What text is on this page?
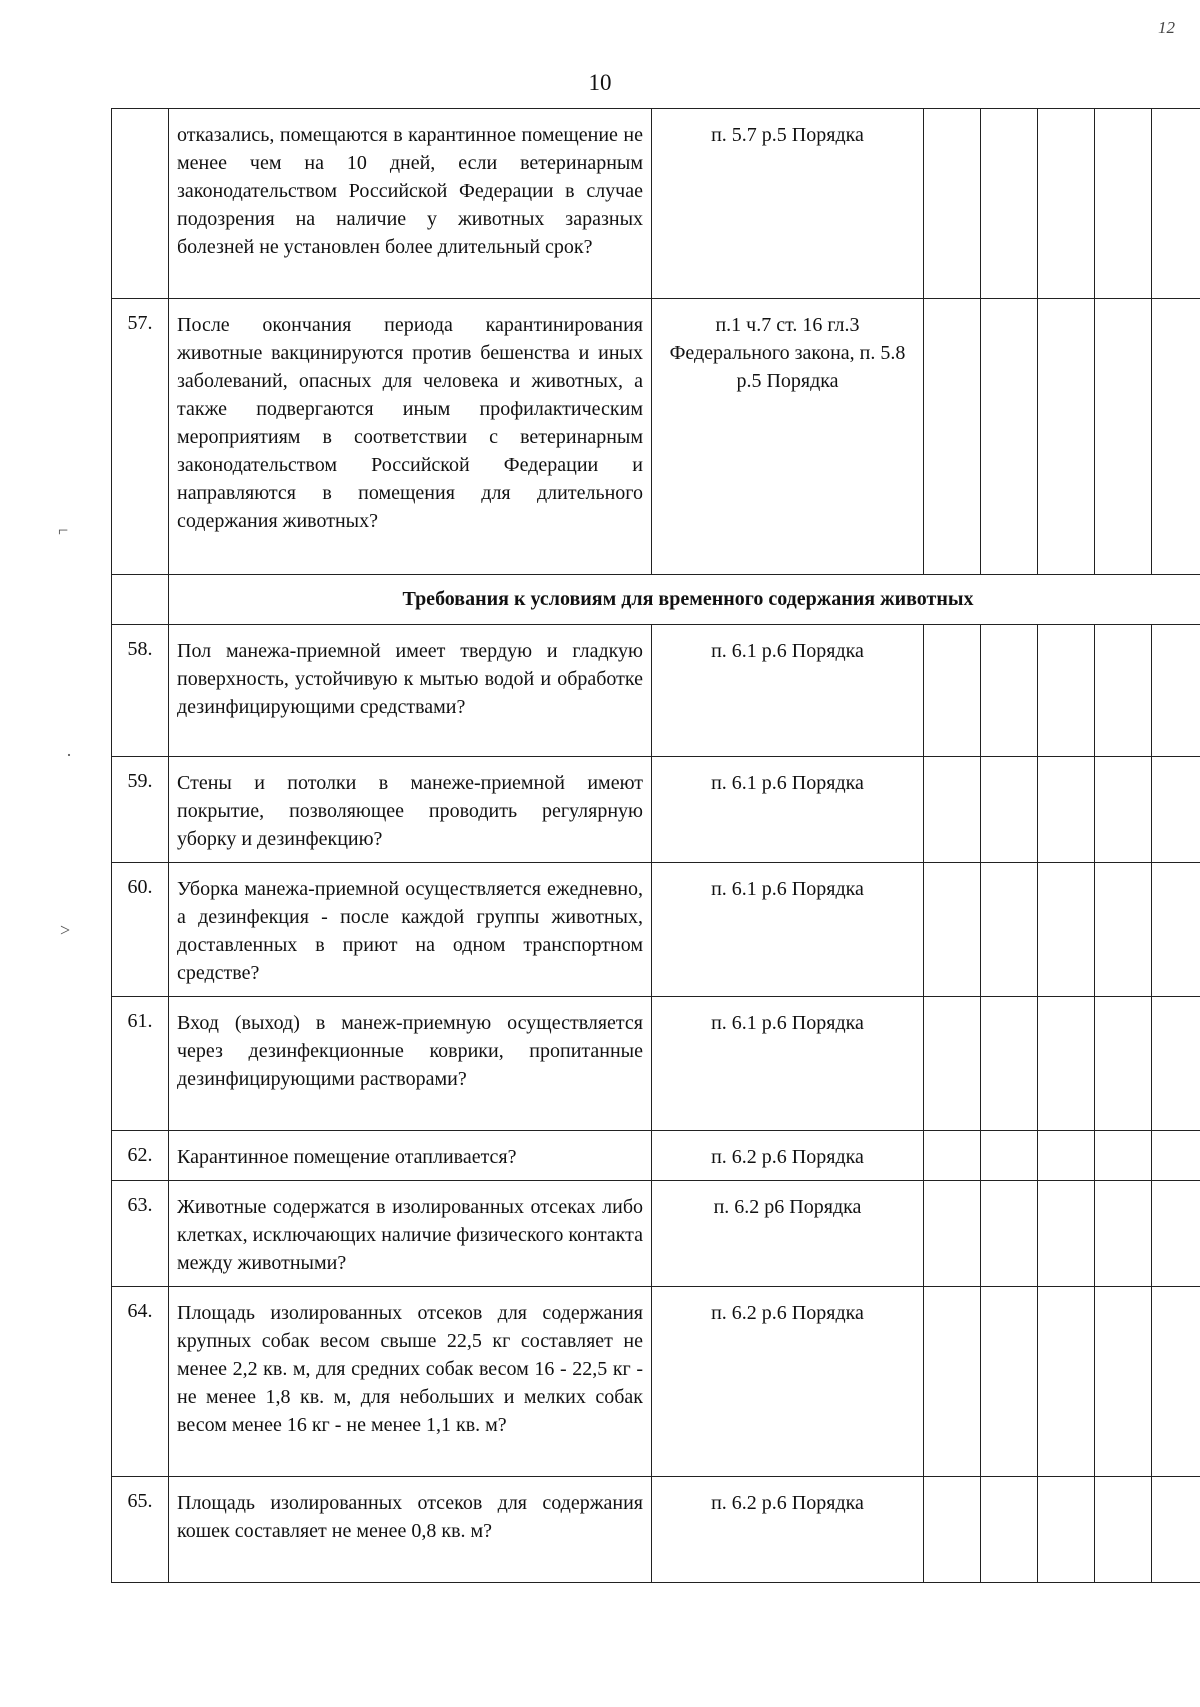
12
10
⌐
·
˃
	отказались, помещаются в карантинное помещение не менее чем на 10 дней, если ветеринарным законодательством Российской Федерации в случае подозрения на наличие у животных заразных болезней не установлен более длительный срок?	п. 5.7 р.5 Порядка					
57.	После окончания периода карантинирования животные вакцинируются против бешенства и иных заболеваний, опасных для человека и животных, а также подвергаются иным профилактическим мероприятиям в соответствии с ветеринарным законодательством Российской Федерации и направляются в помещения для длительного содержания животных?	п.1 ч.7 ст. 16 гл.3 Федерального закона, п. 5.8 р.5 Порядка					
	Требования к условиям для временного содержания животных						
58.	Пол манежа-приемной имеет твердую и гладкую поверхность, устойчивую к мытью водой и обработке дезинфицирующими средствами?	п. 6.1 р.6 Порядка					
59.	Стены и потолки в манеже-приемной имеют покрытие, позволяющее проводить регулярную уборку и дезинфекцию?	п. 6.1 р.6 Порядка					
60.	Уборка манежа-приемной осуществляется ежедневно, а дезинфекция - после каждой группы животных, доставленных в приют на одном транспортном средстве?	п. 6.1 р.6 Порядка					
61.	Вход (выход) в манеж-приемную осуществляется через дезинфекционные коврики, пропитанные дезинфицирующими растворами?	п. 6.1 р.6 Порядка					
62.	Карантинное помещение отапливается?	п. 6.2 р.6 Порядка					
63.	Животные содержатся в изолированных отсеках либо клетках, исключающих наличие физического контакта между животными?	п. 6.2 р6 Порядка					
64.	Площадь изолированных отсеков для содержания крупных собак весом свыше 22,5 кг составляет не менее 2,2 кв. м, для средних собак весом 16 - 22,5 кг - не менее 1,8 кв. м, для небольших и мелких собак весом менее 16 кг - не менее 1,1 кв. м?	п. 6.2 р.6 Порядка					
65.	Площадь изолированных отсеков для содержания кошек составляет не менее 0,8 кв. м?	п. 6.2 р.6 Порядка					
